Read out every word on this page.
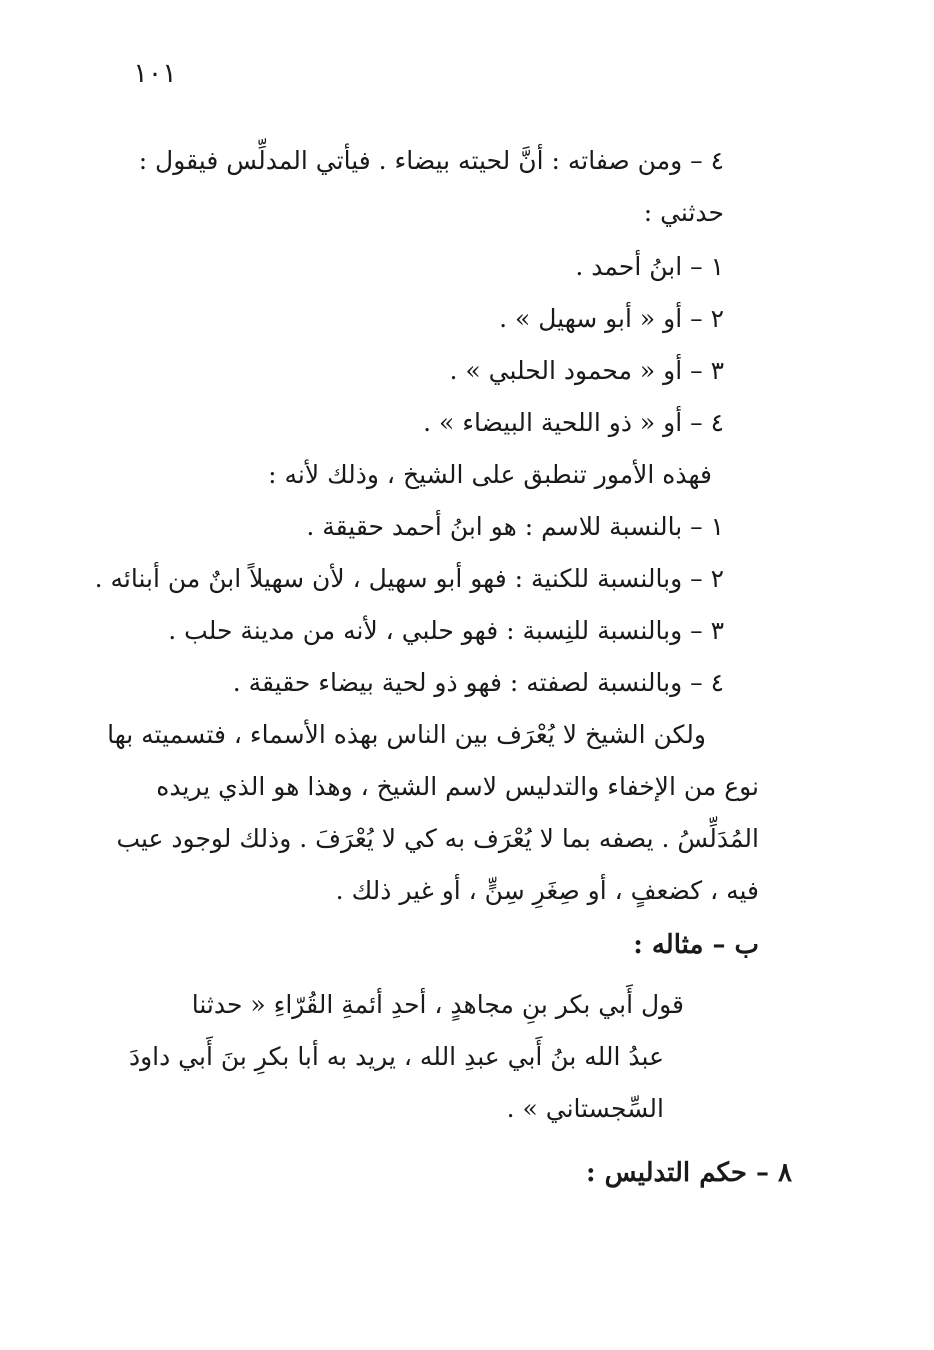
١٠١
٤ – ومن صفاته : أنَّ لحيته بيضاء . فيأتي المدلِّس فيقول :
حدثني :
١ – ابنُ أحمد .
٢ – أو « أبو سهيل » .
٣ – أو « محمود الحلبي » .
٤ – أو « ذو اللحية البيضاء » .
فهذه الأمور تنطبق على الشيخ ، وذلك لأنه :
١ – بالنسبة للاسم : هو ابنُ أحمد حقيقة .
٢ – وبالنسبة للكنية : فهو أبو سهيل ، لأن سهيلاً ابنٌ من أبنائه .
٣ – وبالنسبة للنِسبة : فهو حلبي ، لأنه من مدينة حلب .
٤ – وبالنسبة لصفته : فهو ذو لحية بيضاء حقيقة .
ولكن الشيخ لا يُعْرَف بين الناس بهذه الأسماء ، فتسميته بها
نوع من الإخفاء والتدليس لاسم الشيخ ، وهذا هو الذي يريده
المُدَلِّسُ . يصفه بما لا يُعْرَف به كي لا يُعْرَفَ . وذلك لوجود عيب
فيه ، كضعفٍ ، أو صِغَرِ سِنٍّ ، أو غير ذلك .
ب – مثاله :
قول أَبي بكر بنِ مجاهدٍ ، أحدِ أئمةِ القُرّاءِ « حدثنا
عبدُ الله بنُ أَبي عبدِ الله ، يريد به أبا بكرِ بنَ أَبي داودَ
السِّجستاني » .
٨ – حكم التدليس :
